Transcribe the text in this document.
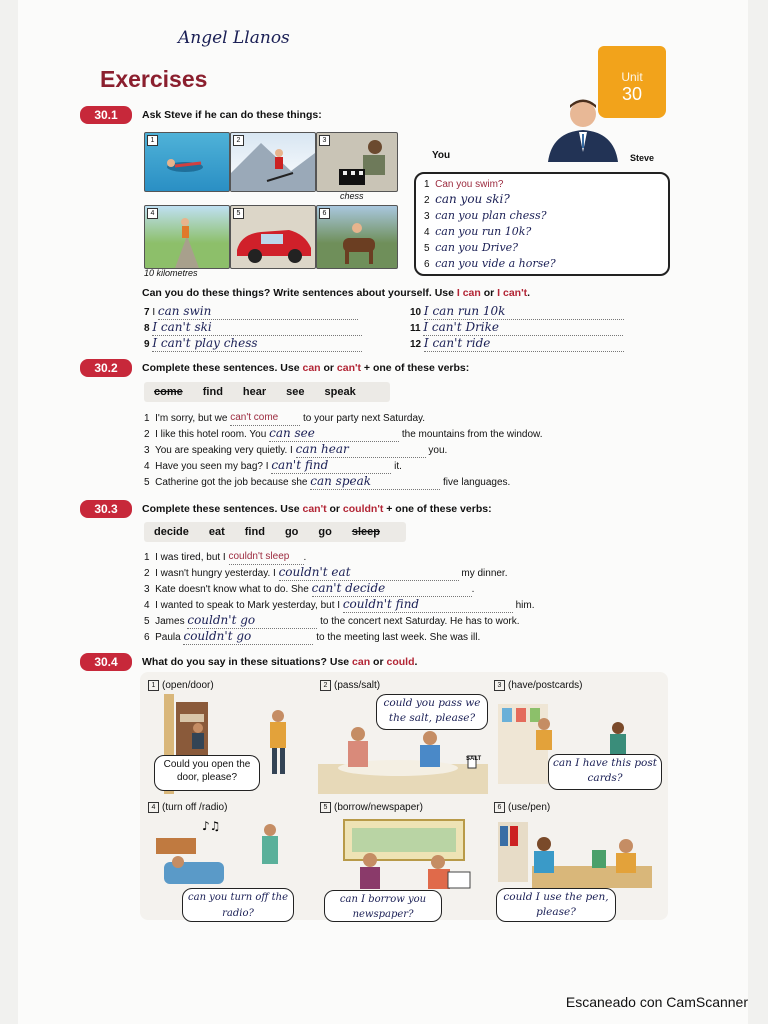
Angel Llanos
Exercises	Unit
30
30.1	Ask Steve if he can do these things:
1	2	3
chess
4
10 kilometres
5	6
Steve
You
1 Can you swim?
2 can you ski?
3 can you plan chess?
4 can you run 10k?
5 can you Drive?
6 can you vide a horse?
Can you do these things? Write sentences about yourself. Use I can or I can't.
7 I can swin
8 I can't ski
9 I can't play chess
10 I can run 10k
11 I can't Drike
12 I can't ride
30.2	Complete these sentences. Use can or can't + one of these verbs:
come find hear see speak
1 I'm sorry, but we can't come to your party next Saturday.
2 I like this hotel room. You can see	the mountains from the window.
3 You are speaking very quietly. I can hear	you.
4 Have you seen my bag? I can't find	it.
5 Catherine got the job because she can speak	five languages.
30.3	Complete these sentences. Use can't or couldn't + one of these verbs:
decide eat find go go sleep
1 I was tired, but I couldn't sleep .
2 I wasn't hungry yesterday. I couldn't eat	my dinner.
3 Kate doesn't know what to do. She can't decide	.
4 I wanted to speak to Mark yesterday, but I couldn't find	him.
5 James couldn't go	to the concert next Saturday. He has to work.
6 Paula couldn't go	to the meeting last week. She was ill.
30.4	What do you say in these situations? Use can or could.
1 (open/door)	2 (pass/salt)	3 (have/postcards)
Could you open the door, please?
SALT
could you pass we the salt, please?
can I have this post cards?
4 (turn off /radio)	5 (borrow/newspaper)	6 (use/pen)
♪♫
can you turn off the radio?
can I borrow you newspaper?
could I use the pen, please?
Escaneado con CamScanner
